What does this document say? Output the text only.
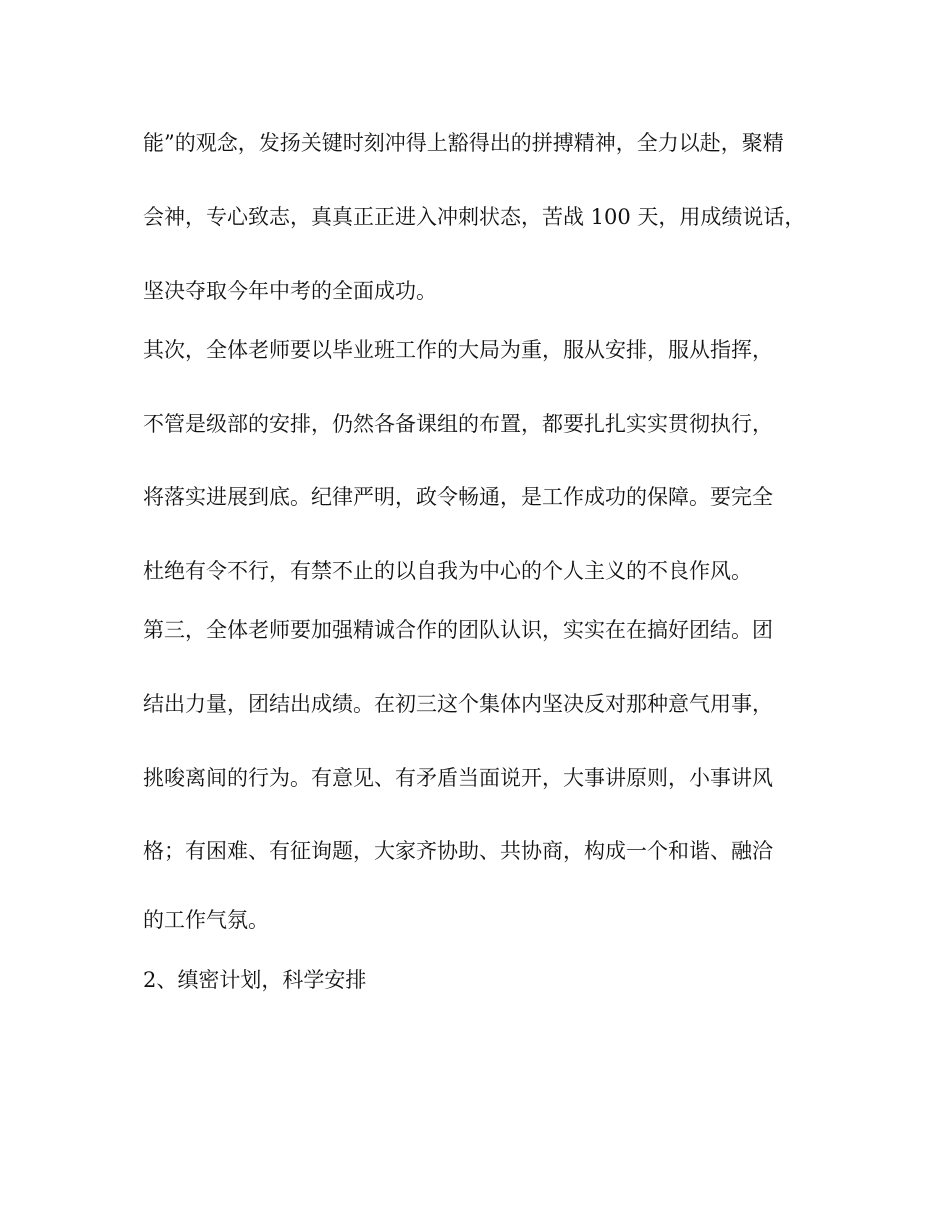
能”的观念，发扬关键时刻冲得上豁得出的拼搏精神，全力以赴，聚精
会神，专心致志，真真正正进入冲刺状态，苦战 100 天，用成绩说话，
坚决夺取今年中考的全面成功。
其次，全体老师要以毕业班工作的大局为重，服从安排，服从指挥，
不管是级部的安排，仍然各备课组的布置，都要扎扎实实贯彻执行，
将落实进展到底。纪律严明，政令畅通，是工作成功的保障。要完全
杜绝有令不行，有禁不止的以自我为中心的个人主义的不良作风。
第三，全体老师要加强精诚合作的团队认识，实实在在搞好团结。团
结出力量，团结出成绩。在初三这个集体内坚决反对那种意气用事，
挑唆离间的行为。有意见、有矛盾当面说开，大事讲原则，小事讲风
格；有困难、有征询题，大家齐协助、共协商，构成一个和谐、融洽
的工作气氛。
2、缜密计划，科学安排
